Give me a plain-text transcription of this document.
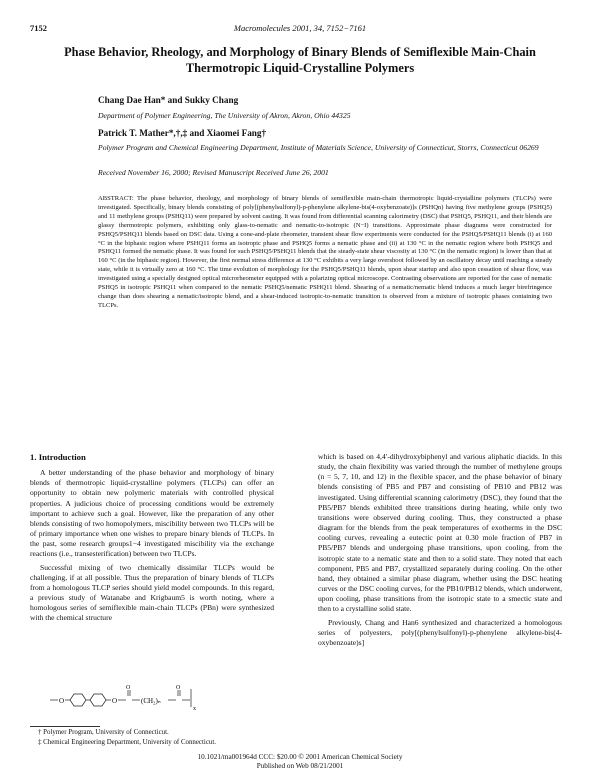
7152	Macromolecules 2001, 34, 7152−7161
Phase Behavior, Rheology, and Morphology of Binary Blends of Semiflexible Main-Chain Thermotropic Liquid-Crystalline Polymers
Chang Dae Han* and Sukky Chang
Department of Polymer Engineering, The University of Akron, Akron, Ohio 44325
Patrick T. Mather*,†,‡ and Xiaomei Fang†
Polymer Program and Chemical Engineering Department, Institute of Materials Science, University of Connecticut, Storrs, Connecticut 06269
Received November 16, 2000; Revised Manuscript Received June 26, 2001
ABSTRACT: The phase behavior, rheology, and morphology of binary blends of semiflexible main-chain thermotropic liquid-crystalline polymers (TLCPs) were investigated. Specifically, binary blends consisting of poly[(phenylsulfonyl)-p-phenylene alkylene-bis(4-oxybenzoate)]s (PSHQn) having five methylene groups (PSHQ5) and 11 methylene groups (PSHQ11) were prepared by solvent casting. It was found from differential scanning calorimetry (DSC) that PSHQ5, PSHQ11, and their blends are glassy thermotropic polymers, exhibiting only glass-to-nematic and nematic-to-isotropic (N−I) transitions. Approximate phase diagrams were constructed for PSHQ5/PSHQ11 blends based on DSC data. Using a cone-and-plate rheometer, transient shear flow experiments were conducted for the PSHQ5/PSHQ11 blends (i) at 160 °C in the biphasic region where PSHQ11 forms an isotropic phase and PSHQ5 forms a nematic phase and (ii) at 130 °C in the nematic region where both PSHQ5 and PSHQ11 formed the nematic phase. It was found for such PSHQ5/PSHQ11 blends that the steady-state shear viscosity at 130 °C (in the nematic region) is lower than that at 160 °C (in the biphasic region). However, the first normal stress difference at 130 °C exhibits a very large overshoot followed by an oscillatory decay until reaching a steady state, while it is virtually zero at 160 °C. The time evolution of morphology for the PSHQ5/PSHQ11 blends, upon shear startup and also upon cessation of shear flow, was investigated using a specially designed optical microrheometer equipped with a polarizing optical microscope. Contrasting observations are reported for the case of nematic PSHQ5 in isotropic PSHQ11 when compared to the nematic PSHQ5/nematic PSHQ11 blend. Shearing of a nematic/nematic blend induces a much larger birefringence change than does shearing a nematic/isotropic blend, and a shear-induced isotropic-to-nematic transition is observed from a mixture of isotropic phases containing two TLCPs.
1. Introduction

A better understanding of the phase behavior and morphology of binary blends of thermotropic liquid-crystalline polymers (TLCPs) can offer an opportunity to obtain new polymeric materials with controlled physical properties. A judicious choice of processing conditions would be extremely important to achieve such a goal. However, like the preparation of any other blends consisting of two homopolymers, miscibility between two TLCPs will be of primary importance when one wishes to prepare binary blends of TLCPs. In the past, some research groups1−4 investigated miscibility via the exchange reactions (i.e., transesterification) between two TLCPs.

Successful mixing of two chemically dissimilar TLCPs would be challenging, if at all possible. Thus the preparation of binary blends of TLCPs from a homologous TLCP series should yield model compounds. In this regard, a previous study of Watanabe and Krigbaum5 is worth noting, where a homologous series of semiflexible main-chain TLCPs (PBn) were synthesized with the chemical structure

O	O
O
(CH₂)ₙ
O
x

which is based on 4,4′-dihydroxybiphenyl and various aliphatic diacids. In this study, the chain flexibility was varied through the number of methylene groups (n = 5, 7, 10, and 12) in the flexible spacer, and the phase behavior of binary blends consisting of PB5 and PB7 and consisting of PB10 and PB12 was investigated. Using differential scanning calorimetry (DSC), they found that the PB5/PB7 blends exhibited three transitions during heating, while only two transitions were observed during cooling. Thus, they constructed a phase diagram for the blends from the peak temperatures of exotherms in the DSC cooling curves, revealing a eutectic point at 0.30 mole fraction of PB7 in PB5/PB7 blends and undergoing phase transitions, upon cooling, from the isotropic state to a nematic state and then to a solid state. They noted that each component, PB5 and PB7, crystallized separately during cooling. On the other hand, they obtained a similar phase diagram, whether using the DSC heating curves or the DSC cooling curves, for the PB10/PB12 blends, which underwent, upon cooling, phase transitions from the isotropic state to a smectic state and then to a crystalline solid state.

Previously, Chang and Han6 synthesized and characterized a homologous series of polyesters, poly[(phenylsulfonyl)-p-phenylene alkylene-bis(4-oxybenzoate)s]

† Polymer Program, University of Connecticut.
‡ Chemical Engineering Department, University of Connecticut.
10.1021/ma001964d CCC: $20.00 © 2001 American Chemical Society
Published on Web 08/21/2001
